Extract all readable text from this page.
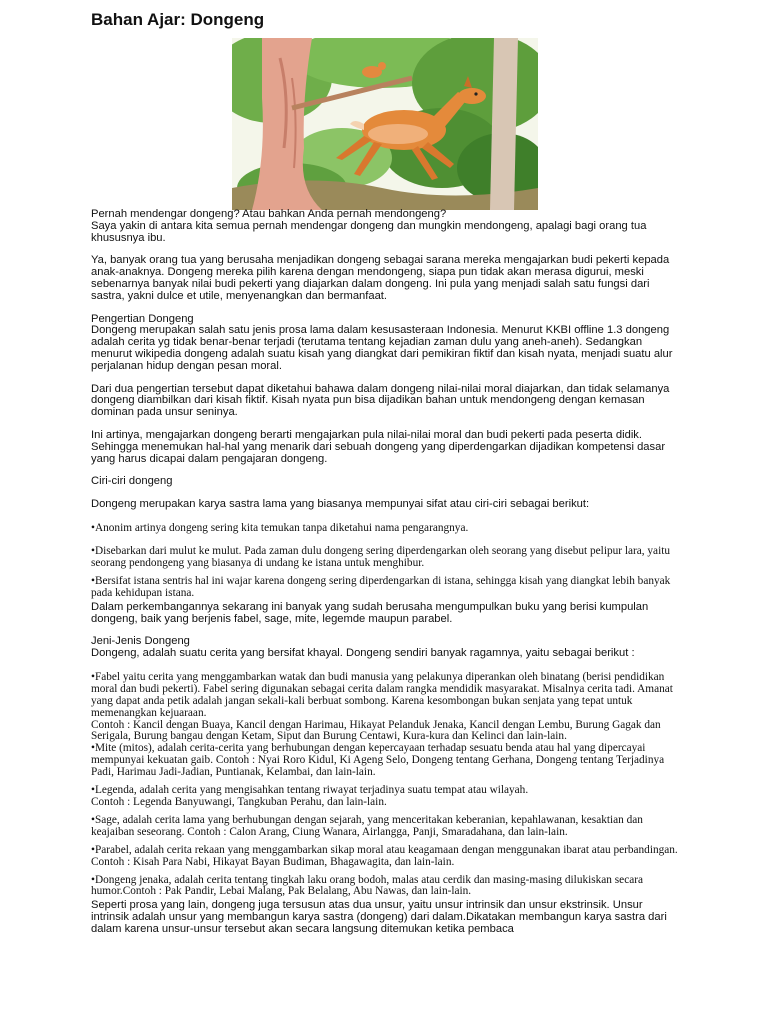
Bahan Ajar: Dongeng

Pernah mendengar dongeng? Atau bahkan Anda pernah mendongeng?

Saya yakin di antara kita semua pernah mendengar dongeng dan mungkin mendongeng, apalagi bagi orang tua khususnya ibu.

Ya, banyak orang tua yang berusaha menjadikan dongeng sebagai sarana mereka mengajarkan budi pekerti kepada anak-anaknya. Dongeng mereka pilih karena dengan mendongeng, siapa pun tidak akan merasa digurui, meski sebenarnya banyak nilai budi pekerti yang diajarkan dalam dongeng. Ini pula yang menjadi salah satu fungsi dari sastra, yakni dulce et utile, menyenangkan dan bermanfaat.

Pengertian Dongeng

Dongeng merupakan salah satu jenis prosa lama dalam kesusasteraan Indonesia. Menurut KKBI offline 1.3 dongeng adalah cerita yg tidak benar-benar terjadi (terutama tentang kejadian zaman dulu yang aneh-aneh). Sedangkan menurut wikipedia dongeng adalah suatu kisah yang diangkat dari pemikiran fiktif dan kisah nyata, menjadi suatu alur perjalanan hidup dengan pesan moral.

Dari dua pengertian tersebut dapat diketahui bahawa dalam dongeng nilai-nilai moral diajarkan, dan tidak selamanya dongeng diambilkan dari kisah fiktif. Kisah nyata pun bisa dijadikan bahan untuk mendongeng dengan kemasan dominan pada unsur seninya.

Ini artinya, mengajarkan dongeng berarti mengajarkan pula nilai-nilai moral dan budi pekerti pada peserta didik. Sehingga menemukan hal-hal yang menarik dari sebuah dongeng yang diperdengarkan dijadikan kompetensi dasar yang harus dicapai dalam pengajaran dongeng.

Ciri-ciri dongeng

Dongeng merupakan karya sastra lama yang biasanya mempunyai sifat atau ciri-ciri sebagai berikut:

•Anonim artinya dongeng sering kita temukan tanpa diketahui nama pengarangnya.

•Disebarkan dari mulut ke mulut. Pada zaman dulu dongeng sering diperdengarkan oleh seorang yang disebut pelipur lara, yaitu seorang pendongeng yang biasanya di undang ke istana untuk menghibur.

•Bersifat istana sentris hal ini wajar karena dongeng sering diperdengarkan di istana, sehingga kisah yang diangkat lebih banyak pada kehidupan istana.

Dalam perkembangannya sekarang ini banyak yang sudah berusaha mengumpulkan buku yang berisi kumpulan dongeng, baik yang berjenis fabel, sage, mite, legemde maupun parabel.

Jeni-Jenis Dongeng

Dongeng, adalah suatu cerita yang bersifat khayal. Dongeng sendiri banyak ragamnya, yaitu sebagai berikut :

•Fabel yaitu cerita yang menggambarkan watak dan budi manusia yang pelakunya diperankan oleh binatang (berisi pendidikan moral dan budi pekerti). Fabel sering digunakan sebagai cerita dalam rangka mendidik masyarakat. Misalnya cerita tadi. Amanat yang dapat anda petik adalah jangan sekali-kali berbuat sombong. Karena kesombongan bukan senjata yang tepat untuk memenangkan kejuaraan.

Contoh : Kancil dengan Buaya, Kancil dengan Harimau, Hikayat Pelanduk Jenaka, Kancil dengan Lembu, Burung Gagak dan Serigala, Burung bangau dengan Ketam, Siput dan Burung Centawi, Kura-kura dan Kelinci dan lain-lain.

•Mite (mitos), adalah cerita-cerita yang berhubungan dengan kepercayaan terhadap sesuatu benda atau hal yang dipercayai mempunyai kekuatan gaib. Contoh : Nyai Roro Kidul, Ki Ageng Selo, Dongeng tentang Gerhana, Dongeng tentang Terjadinya Padi, Harimau Jadi-Jadian, Puntianak, Kelambai, dan lain-lain.

•Legenda, adalah cerita yang mengisahkan tentang riwayat terjadinya suatu tempat atau wilayah.

Contoh : Legenda Banyuwangi, Tangkuban Perahu, dan lain-lain.

•Sage, adalah cerita lama yang berhubungan dengan sejarah, yang menceritakan keberanian, kepahlawanan, kesaktian dan keajaiban seseorang. Contoh : Calon Arang, Ciung Wanara, Airlangga, Panji, Smaradahana, dan lain-lain.

•Parabel, adalah cerita rekaan yang menggambarkan sikap moral atau keagamaan dengan menggunakan ibarat atau perbandingan. Contoh : Kisah Para Nabi, Hikayat Bayan Budiman, Bhagawagita, dan lain-lain.

•Dongeng jenaka, adalah cerita tentang tingkah laku orang bodoh, malas atau cerdik dan masing-masing dilukiskan secara humor.Contoh : Pak Pandir, Lebai Malang, Pak Belalang, Abu Nawas, dan lain-lain.

Seperti prosa yang lain, dongeng juga tersusun atas dua unsur, yaitu unsur intrinsik dan unsur ekstrinsik. Unsur intrinsik adalah unsur yang membangun karya sastra (dongeng) dari dalam.Dikatakan membangun karya sastra dari dalam karena unsur-unsur tersebut akan secara langsung ditemukan ketika pembaca
